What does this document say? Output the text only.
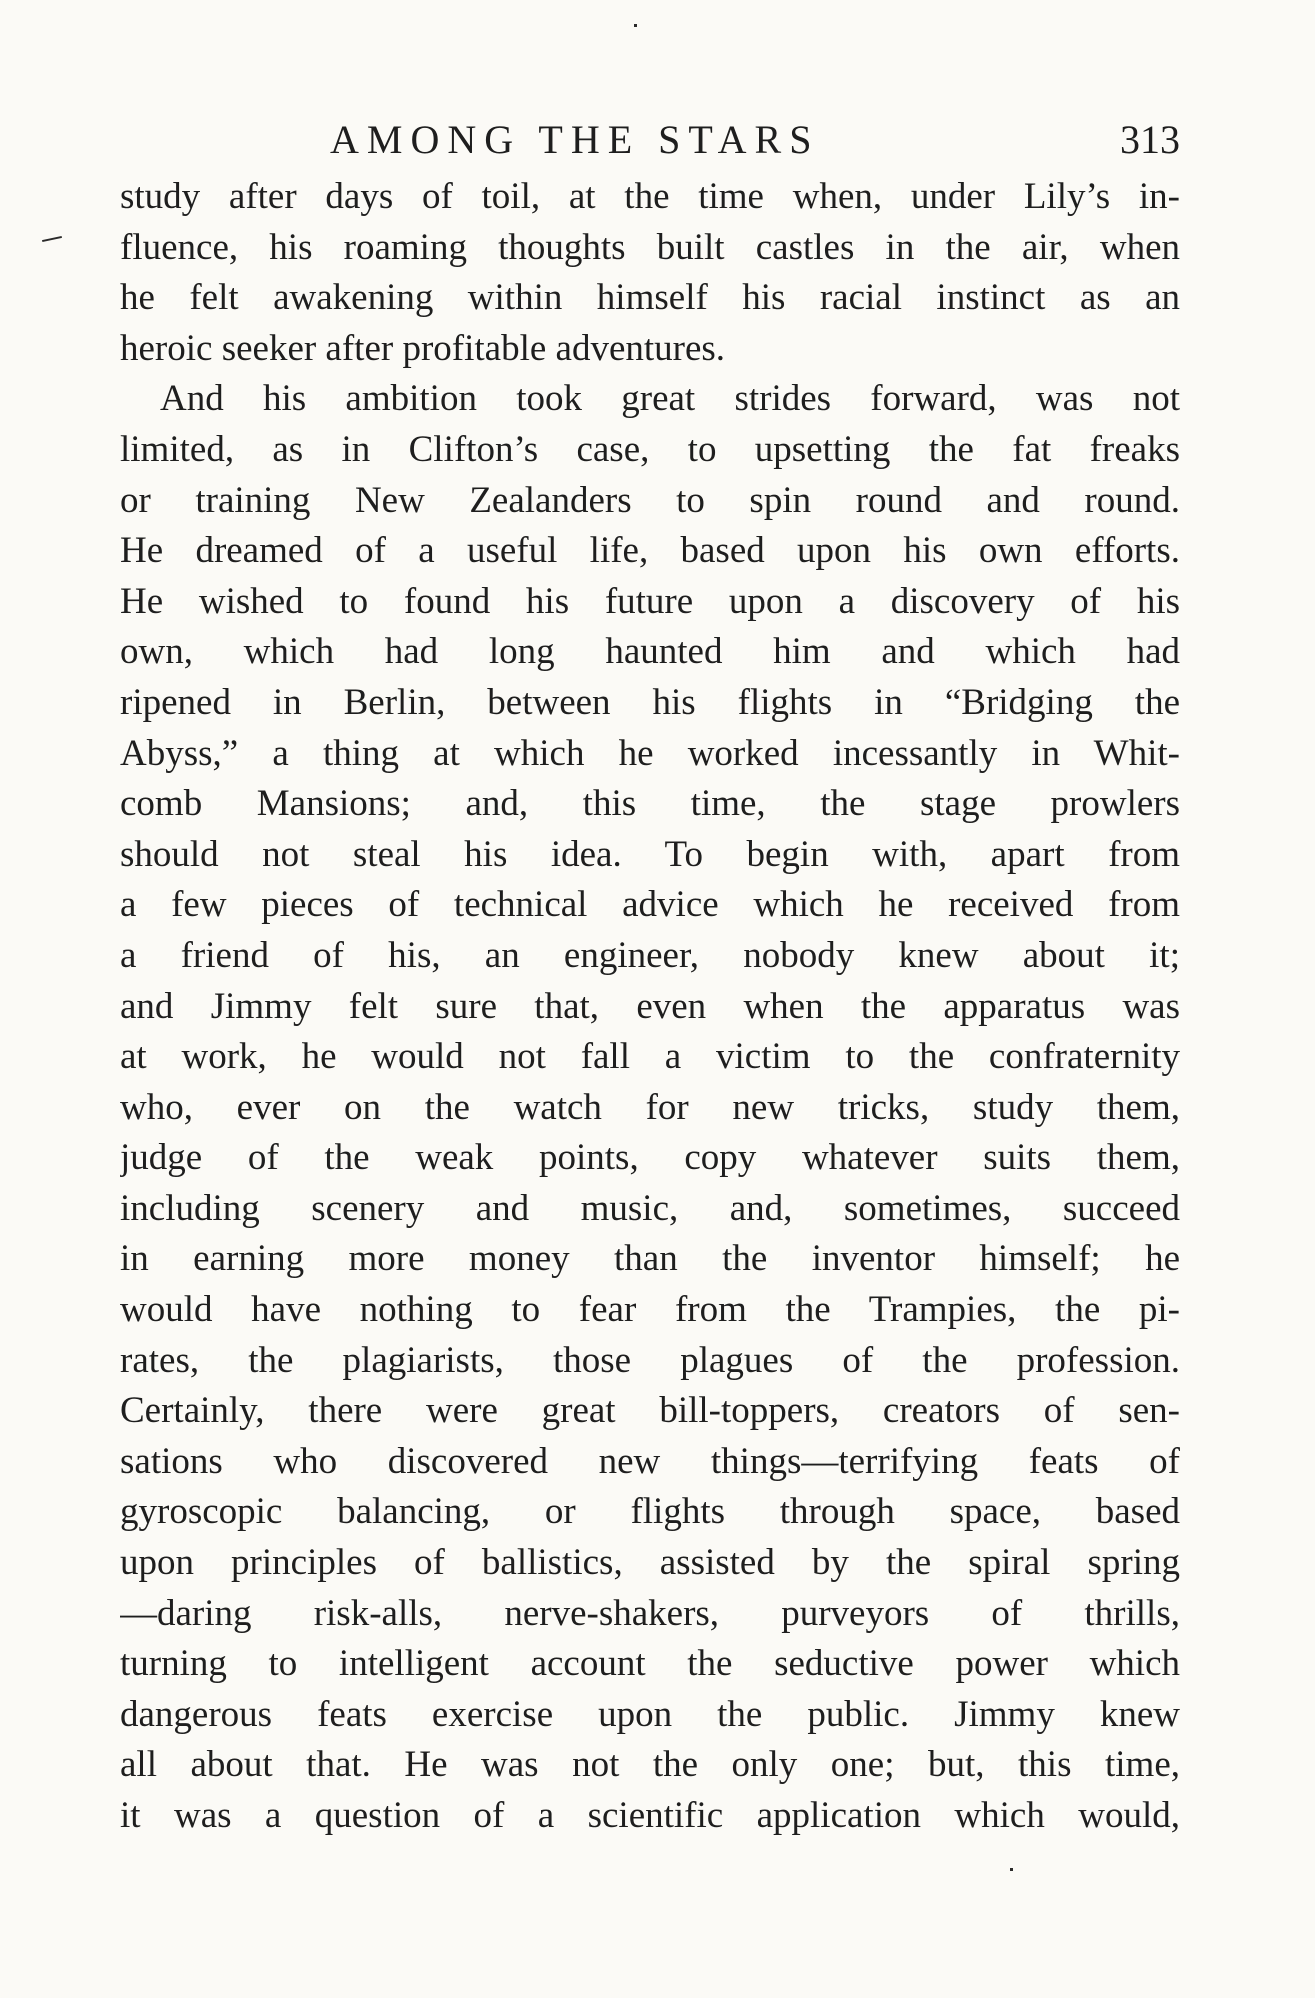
AMONG THE STARS	313
study after days of toil, at the time when, under Lily’s in-
fluence, his roaming thoughts built castles in the air, when
he felt awakening within himself his racial instinct as an
heroic seeker after profitable adventures.
And his ambition took great strides forward, was not
limited, as in Clifton’s case, to upsetting the fat freaks
or training New Zealanders to spin round and round.
He dreamed of a useful life, based upon his own efforts.
He wished to found his future upon a discovery of his
own, which had long haunted him and which had
ripened in Berlin, between his flights in “Bridging the
Abyss,” a thing at which he worked incessantly in Whit-
comb Mansions; and, this time, the stage prowlers
should not steal his idea. To begin with, apart from
a few pieces of technical advice which he received from
a friend of his, an engineer, nobody knew about it;
and Jimmy felt sure that, even when the apparatus was
at work, he would not fall a victim to the confraternity
who, ever on the watch for new tricks, study them,
judge of the weak points, copy whatever suits them,
including scenery and music, and, sometimes, succeed
in earning more money than the inventor himself; he
would have nothing to fear from the Trampies, the pi-
rates, the plagiarists, those plagues of the profession.
Certainly, there were great bill-toppers, creators of sen-
sations who discovered new things—terrifying feats of
gyroscopic balancing, or flights through space, based
upon principles of ballistics, assisted by the spiral spring
—daring risk-alls, nerve-shakers, purveyors of thrills,
turning to intelligent account the seductive power which
dangerous feats exercise upon the public. Jimmy knew
all about that. He was not the only one; but, this time,
it was a question of a scientific application which would,
